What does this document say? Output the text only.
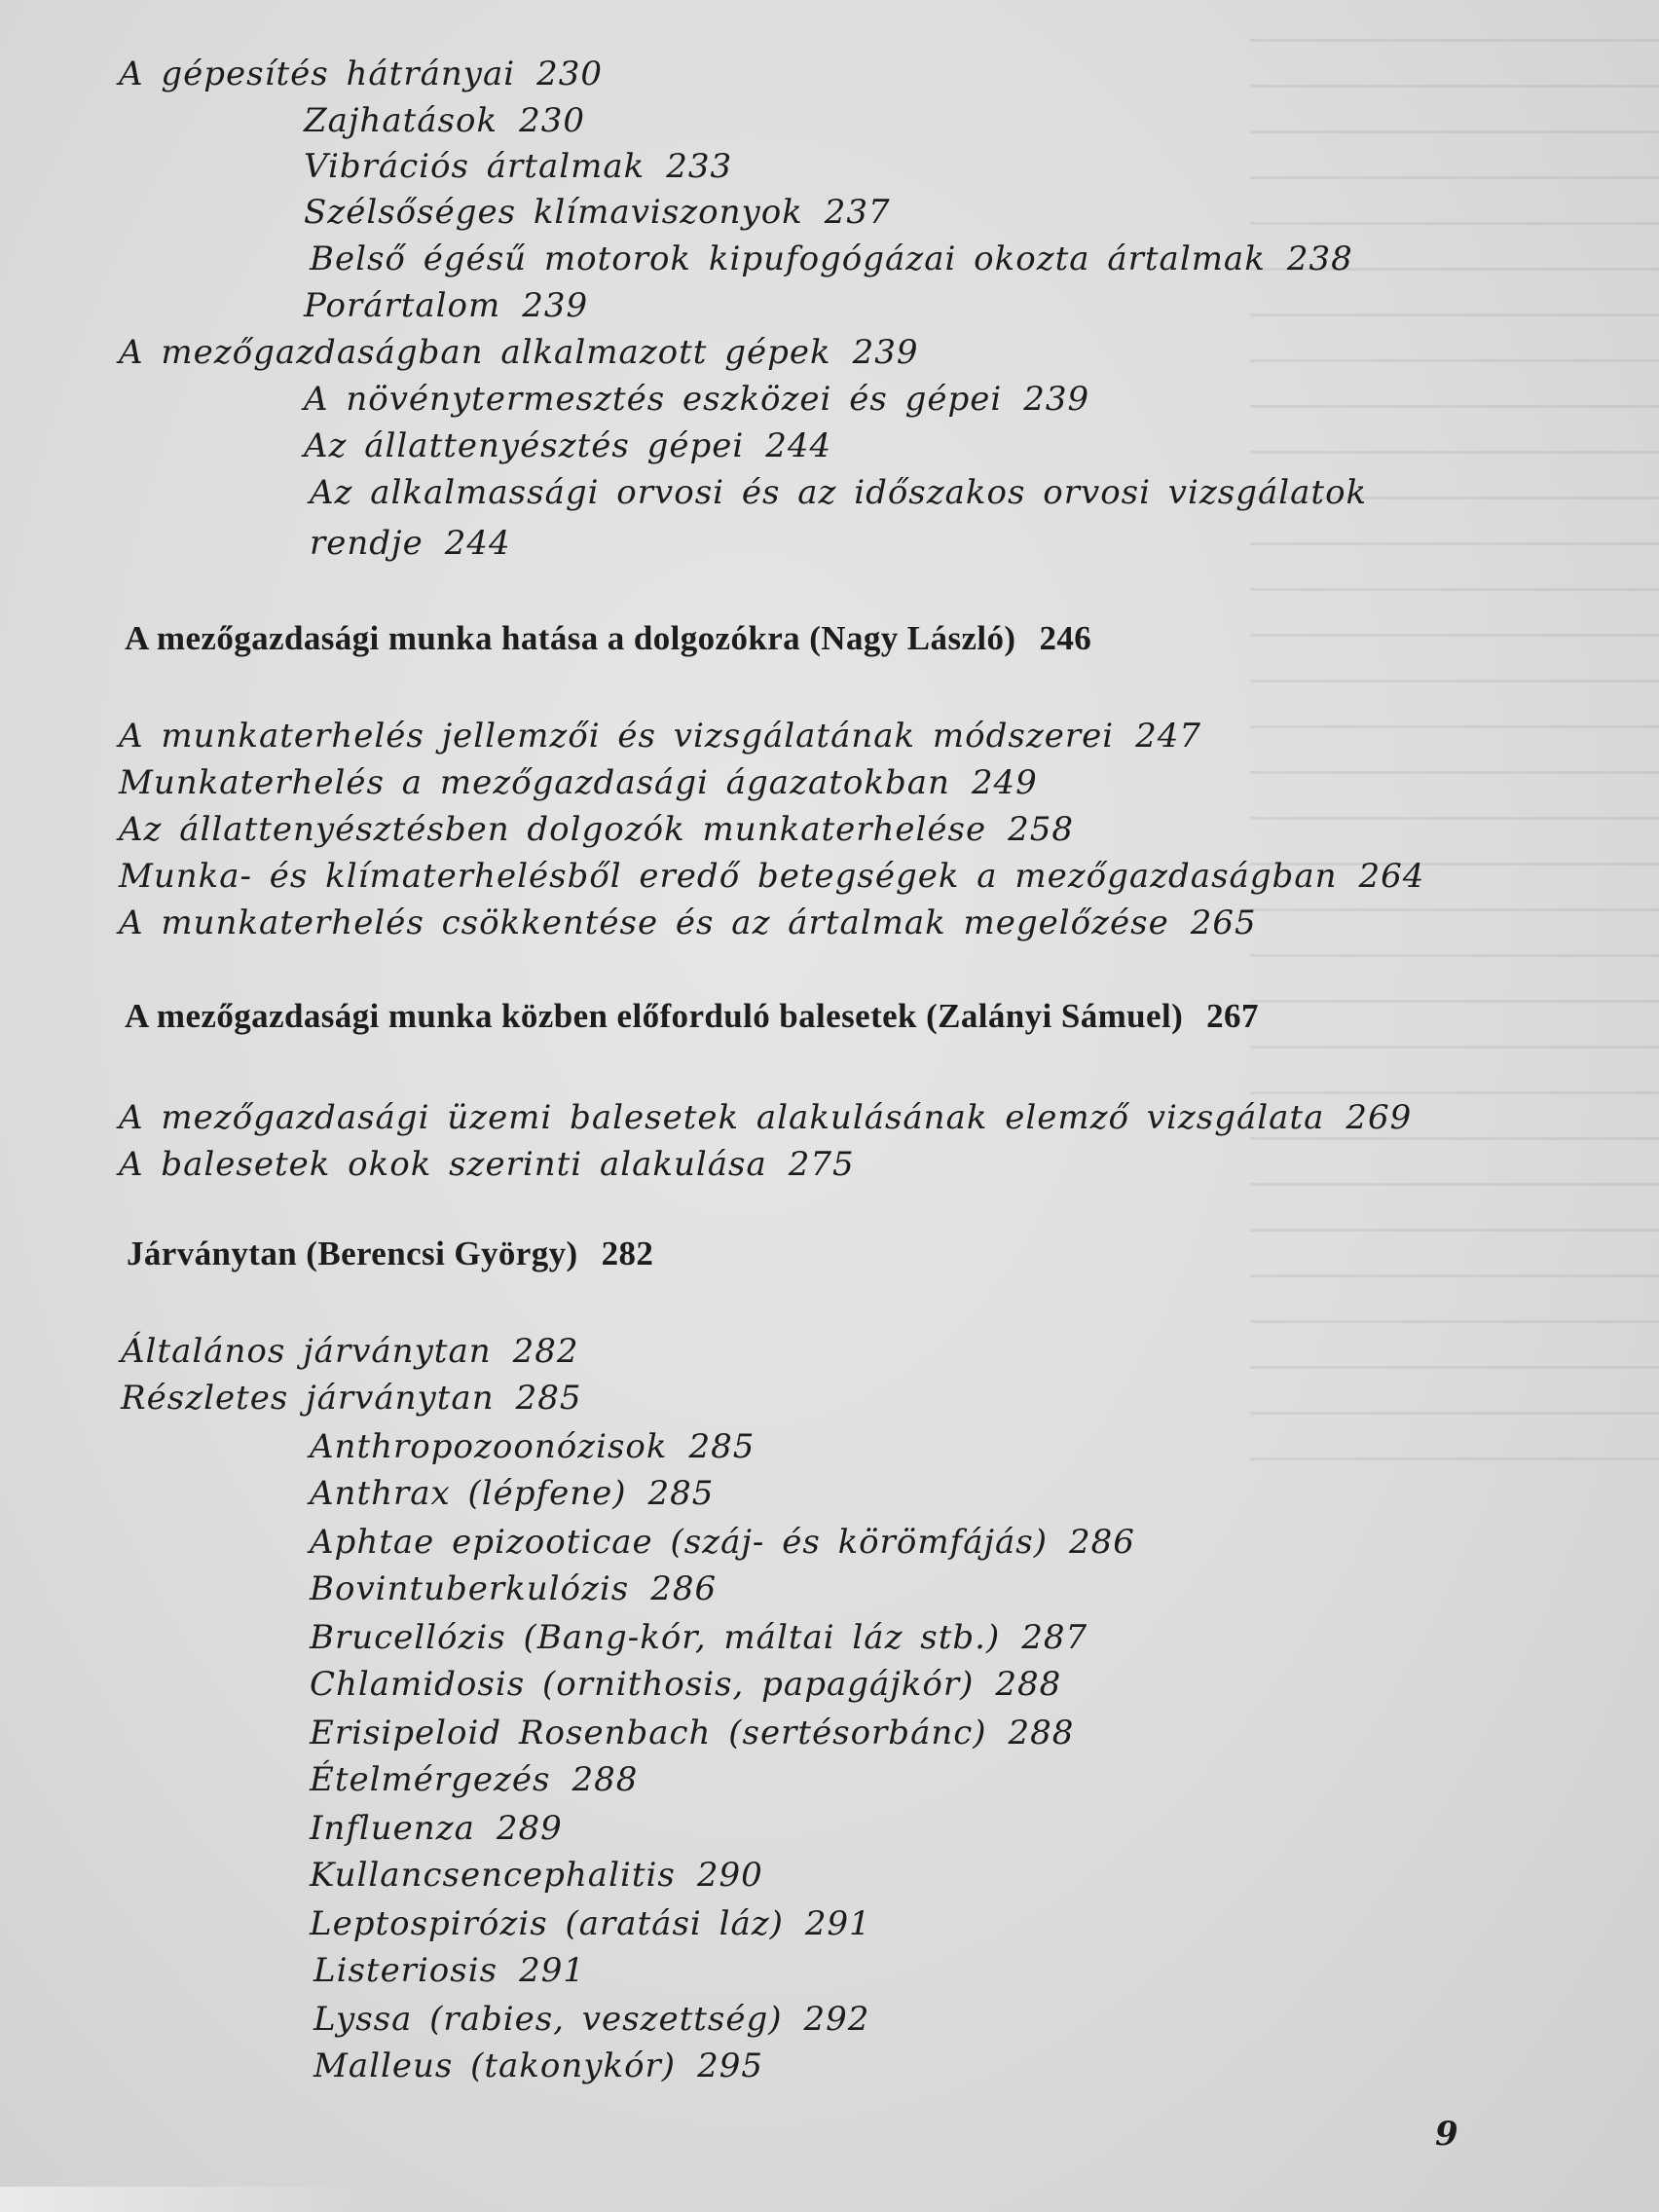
A gépesítés hátrányai 230
Zajhatások 230
Vibrációs ártalmak 233
Szélsőséges klímaviszonyok 237
Belső égésű motorok kipufogógázai okozta ártalmak 238
Porártalom 239
A mezőgazdaságban alkalmazott gépek 239
A növénytermesztés eszközei és gépei 239
Az állattenyésztés gépei 244
Az alkalmassági orvosi és az időszakos orvosi vizsgálatok
rendje 244
A mezőgazdasági munka hatása a dolgozókra (Nagy László) 246
A munkaterhelés jellemzői és vizsgálatának módszerei 247
Munkaterhelés a mezőgazdasági ágazatokban 249
Az állattenyésztésben dolgozók munkaterhelése 258
Munka- és klímaterhelésből eredő betegségek a mezőgazdaságban 264
A munkaterhelés csökkentése és az ártalmak megelőzése 265
A mezőgazdasági munka közben előforduló balesetek (Zalányi Sámuel) 267
A mezőgazdasági üzemi balesetek alakulásának elemző vizsgálata 269
A balesetek okok szerinti alakulása 275
Járványtan (Berencsi György) 282
Általános járványtan 282
Részletes járványtan 285
Anthropozoonózisok 285
Anthrax (lépfene) 285
Aphtae epizooticae (száj- és körömfájás) 286
Bovintuberkulózis 286
Brucellózis (Bang-kór, máltai láz stb.) 287
Chlamidosis (ornithosis, papagájkór) 288
Erisipeloid Rosenbach (sertésorbánc) 288
Ételmérgezés 288
Influenza 289
Kullancsencephalitis 290
Leptospirózis (aratási láz) 291
Listeriosis 291
Lyssa (rabies, veszettség) 292
Malleus (takonykór) 295
9
